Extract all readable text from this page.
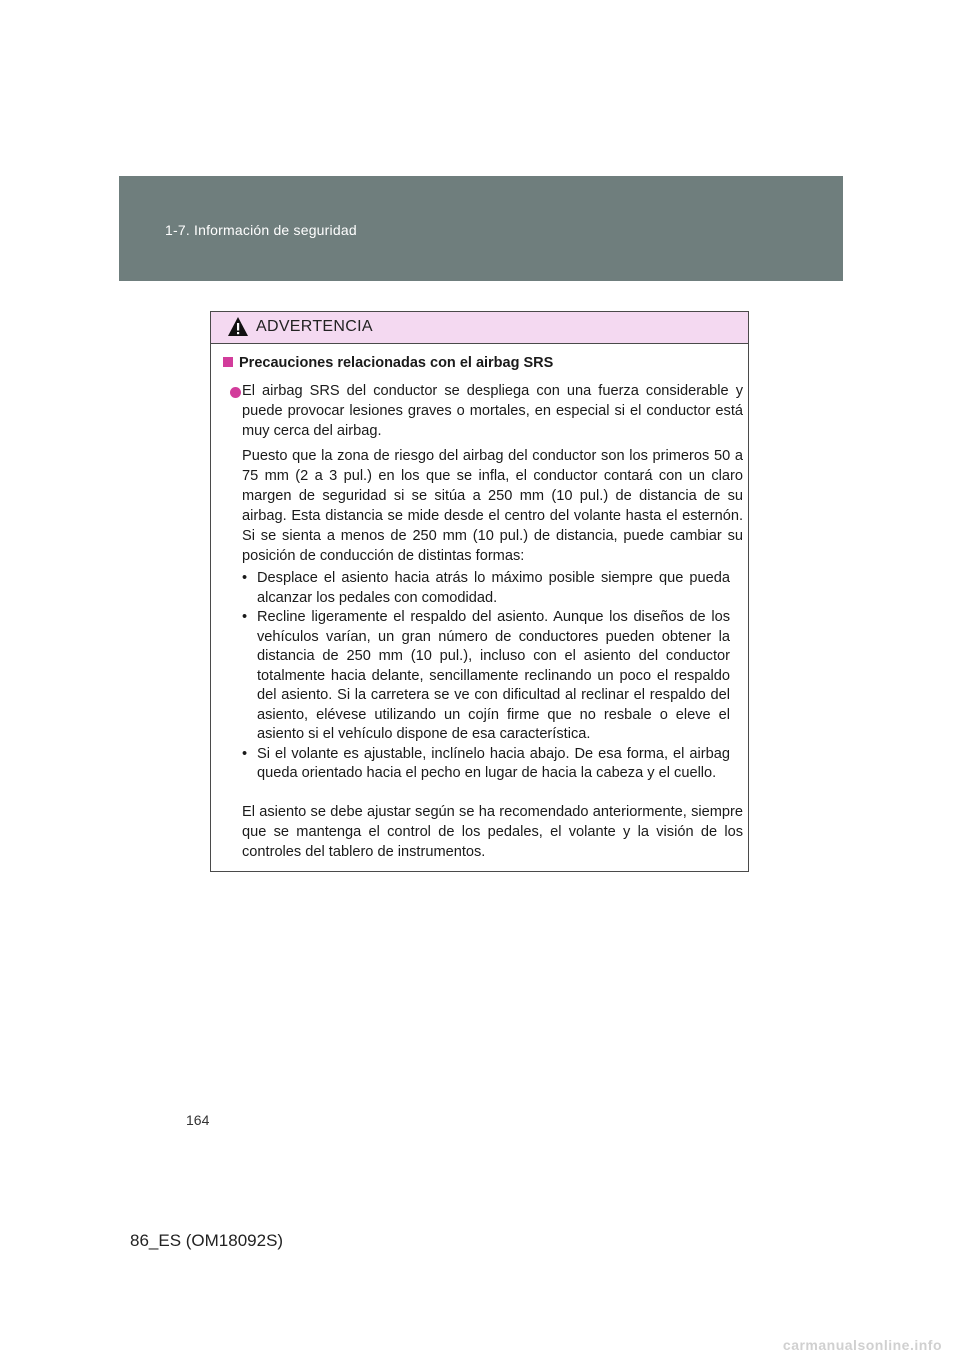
1-7. Información de seguridad
ADVERTENCIA
Precauciones relacionadas con el airbag SRS

El airbag SRS del conductor se despliega con una fuerza considerable y puede provocar lesiones graves o mortales, en especial si el conductor está muy cerca del airbag.

Puesto que la zona de riesgo del airbag del conductor son los primeros 50 a 75 mm (2 a 3 pul.) en los que se infla, el conductor contará con un claro margen de seguridad si se sitúa a 250 mm (10 pul.) de distancia de su airbag. Esta distancia se mide desde el centro del volante hasta el esternón. Si se sienta a menos de 250 mm (10 pul.) de distancia, puede cambiar su posición de conducción de distintas formas:

• Desplace el asiento hacia atrás lo máximo posible siempre que pueda alcanzar los pedales con comodidad.
• Recline ligeramente el respaldo del asiento. Aunque los diseños de los vehículos varían, un gran número de conductores pueden obtener la distancia de 250 mm (10 pul.), incluso con el asiento del conductor totalmente hacia delante, sencillamente reclinando un poco el respaldo del asiento. Si la carretera se ve con dificultad al reclinar el respaldo del asiento, elévese utilizando un cojín firme que no resbale o eleve el asiento si el vehículo dispone de esa característica.
• Si el volante es ajustable, inclínelo hacia abajo. De esa forma, el airbag queda orientado hacia el pecho en lugar de hacia la cabeza y el cuello.

El asiento se debe ajustar según se ha recomendado anteriormente, siempre que se mantenga el control de los pedales, el volante y la visión de los controles del tablero de instrumentos.

164
86_ES (OM18092S)
carmanualsonline.info
